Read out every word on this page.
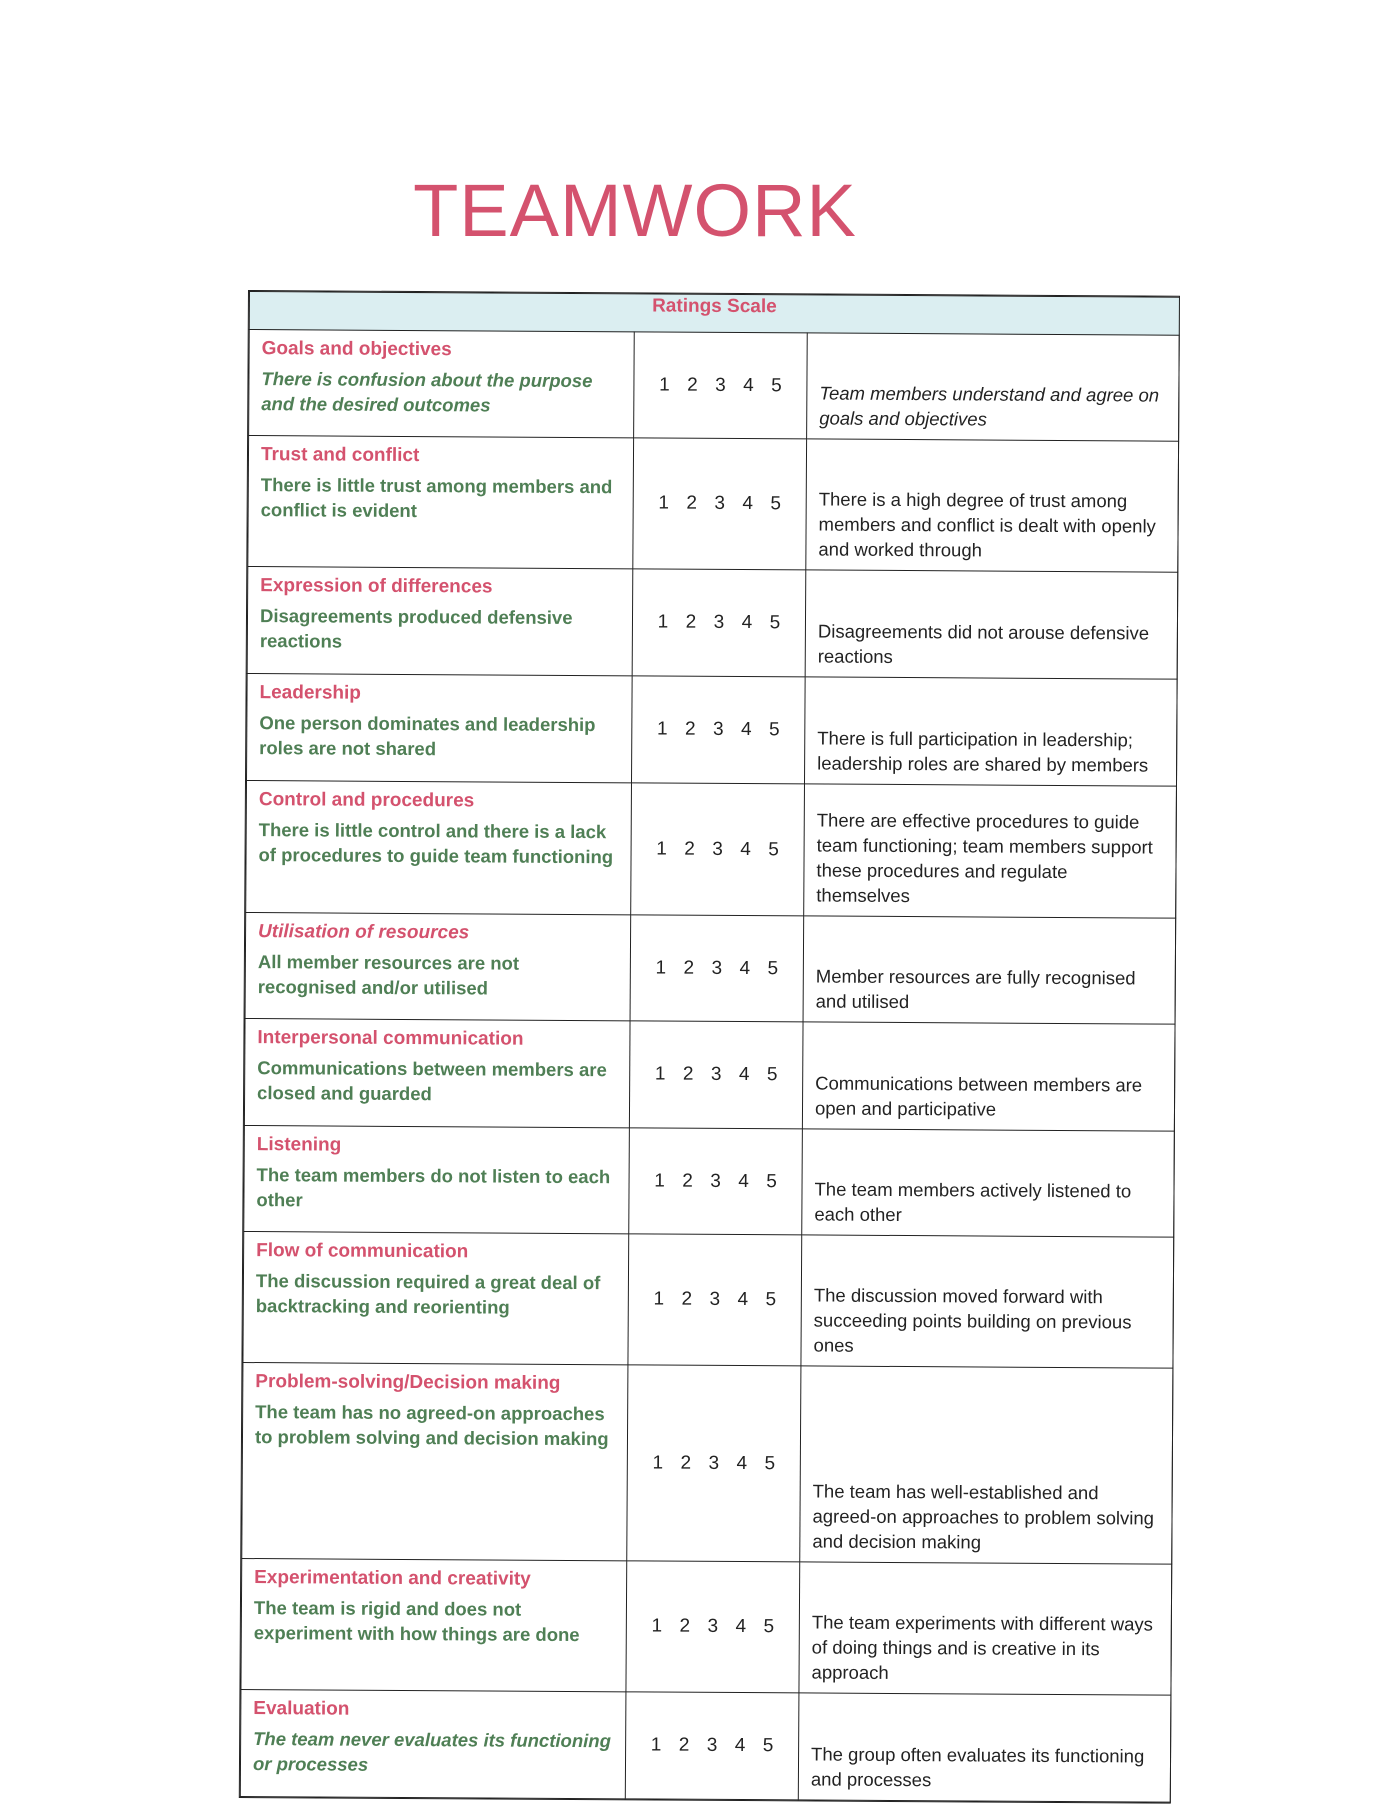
TEAMWORK
Ratings Scale		

Goals and objectives
There is confusion about the purpose and the desired outcomes	1 2 3 4 5	Team members understand and agree on goals and objectives

Trust and conflict
There is little trust among members and conflict is evident	1 2 3 4 5	There is a high degree of trust among members and conflict is dealt with openly and worked through

Expression of differences
Disagreements produced defensive reactions	1 2 3 4 5	Disagreements did not arouse defensive reactions

Leadership
One person dominates and leadership roles are not shared	1 2 3 4 5	There is full participation in leadership; leadership roles are shared by members

Control and procedures
There is little control and there is a lack of procedures to guide team functioning	1 2 3 4 5	There are effective procedures to guide team functioning; team members support these procedures and regulate themselves

Utilisation of resources
All member resources are not recognised and/or utilised	1 2 3 4 5	Member resources are fully recognised and utilised

Interpersonal communication
Communications between members are closed and guarded	1 2 3 4 5	Communications between members are open and participative

Listening
The team members do not listen to each other	1 2 3 4 5	The team members actively listened to each other

Flow of communication
The discussion required a great deal of backtracking and reorienting	1 2 3 4 5	The discussion moved forward with succeeding points building on previous ones

Problem-solving/Decision making
The team has no agreed-on approaches to problem solving and decision making	1 2 3 4 5	The team has well-established and agreed-on approaches to problem solving and decision making

Experimentation and creativity
The team is rigid and does not experiment with how things are done	1 2 3 4 5	The team experiments with different ways of doing things and is creative in its approach

Evaluation
The team never evaluates its functioning or processes	1 2 3 4 5	The group often evaluates its functioning and processes
